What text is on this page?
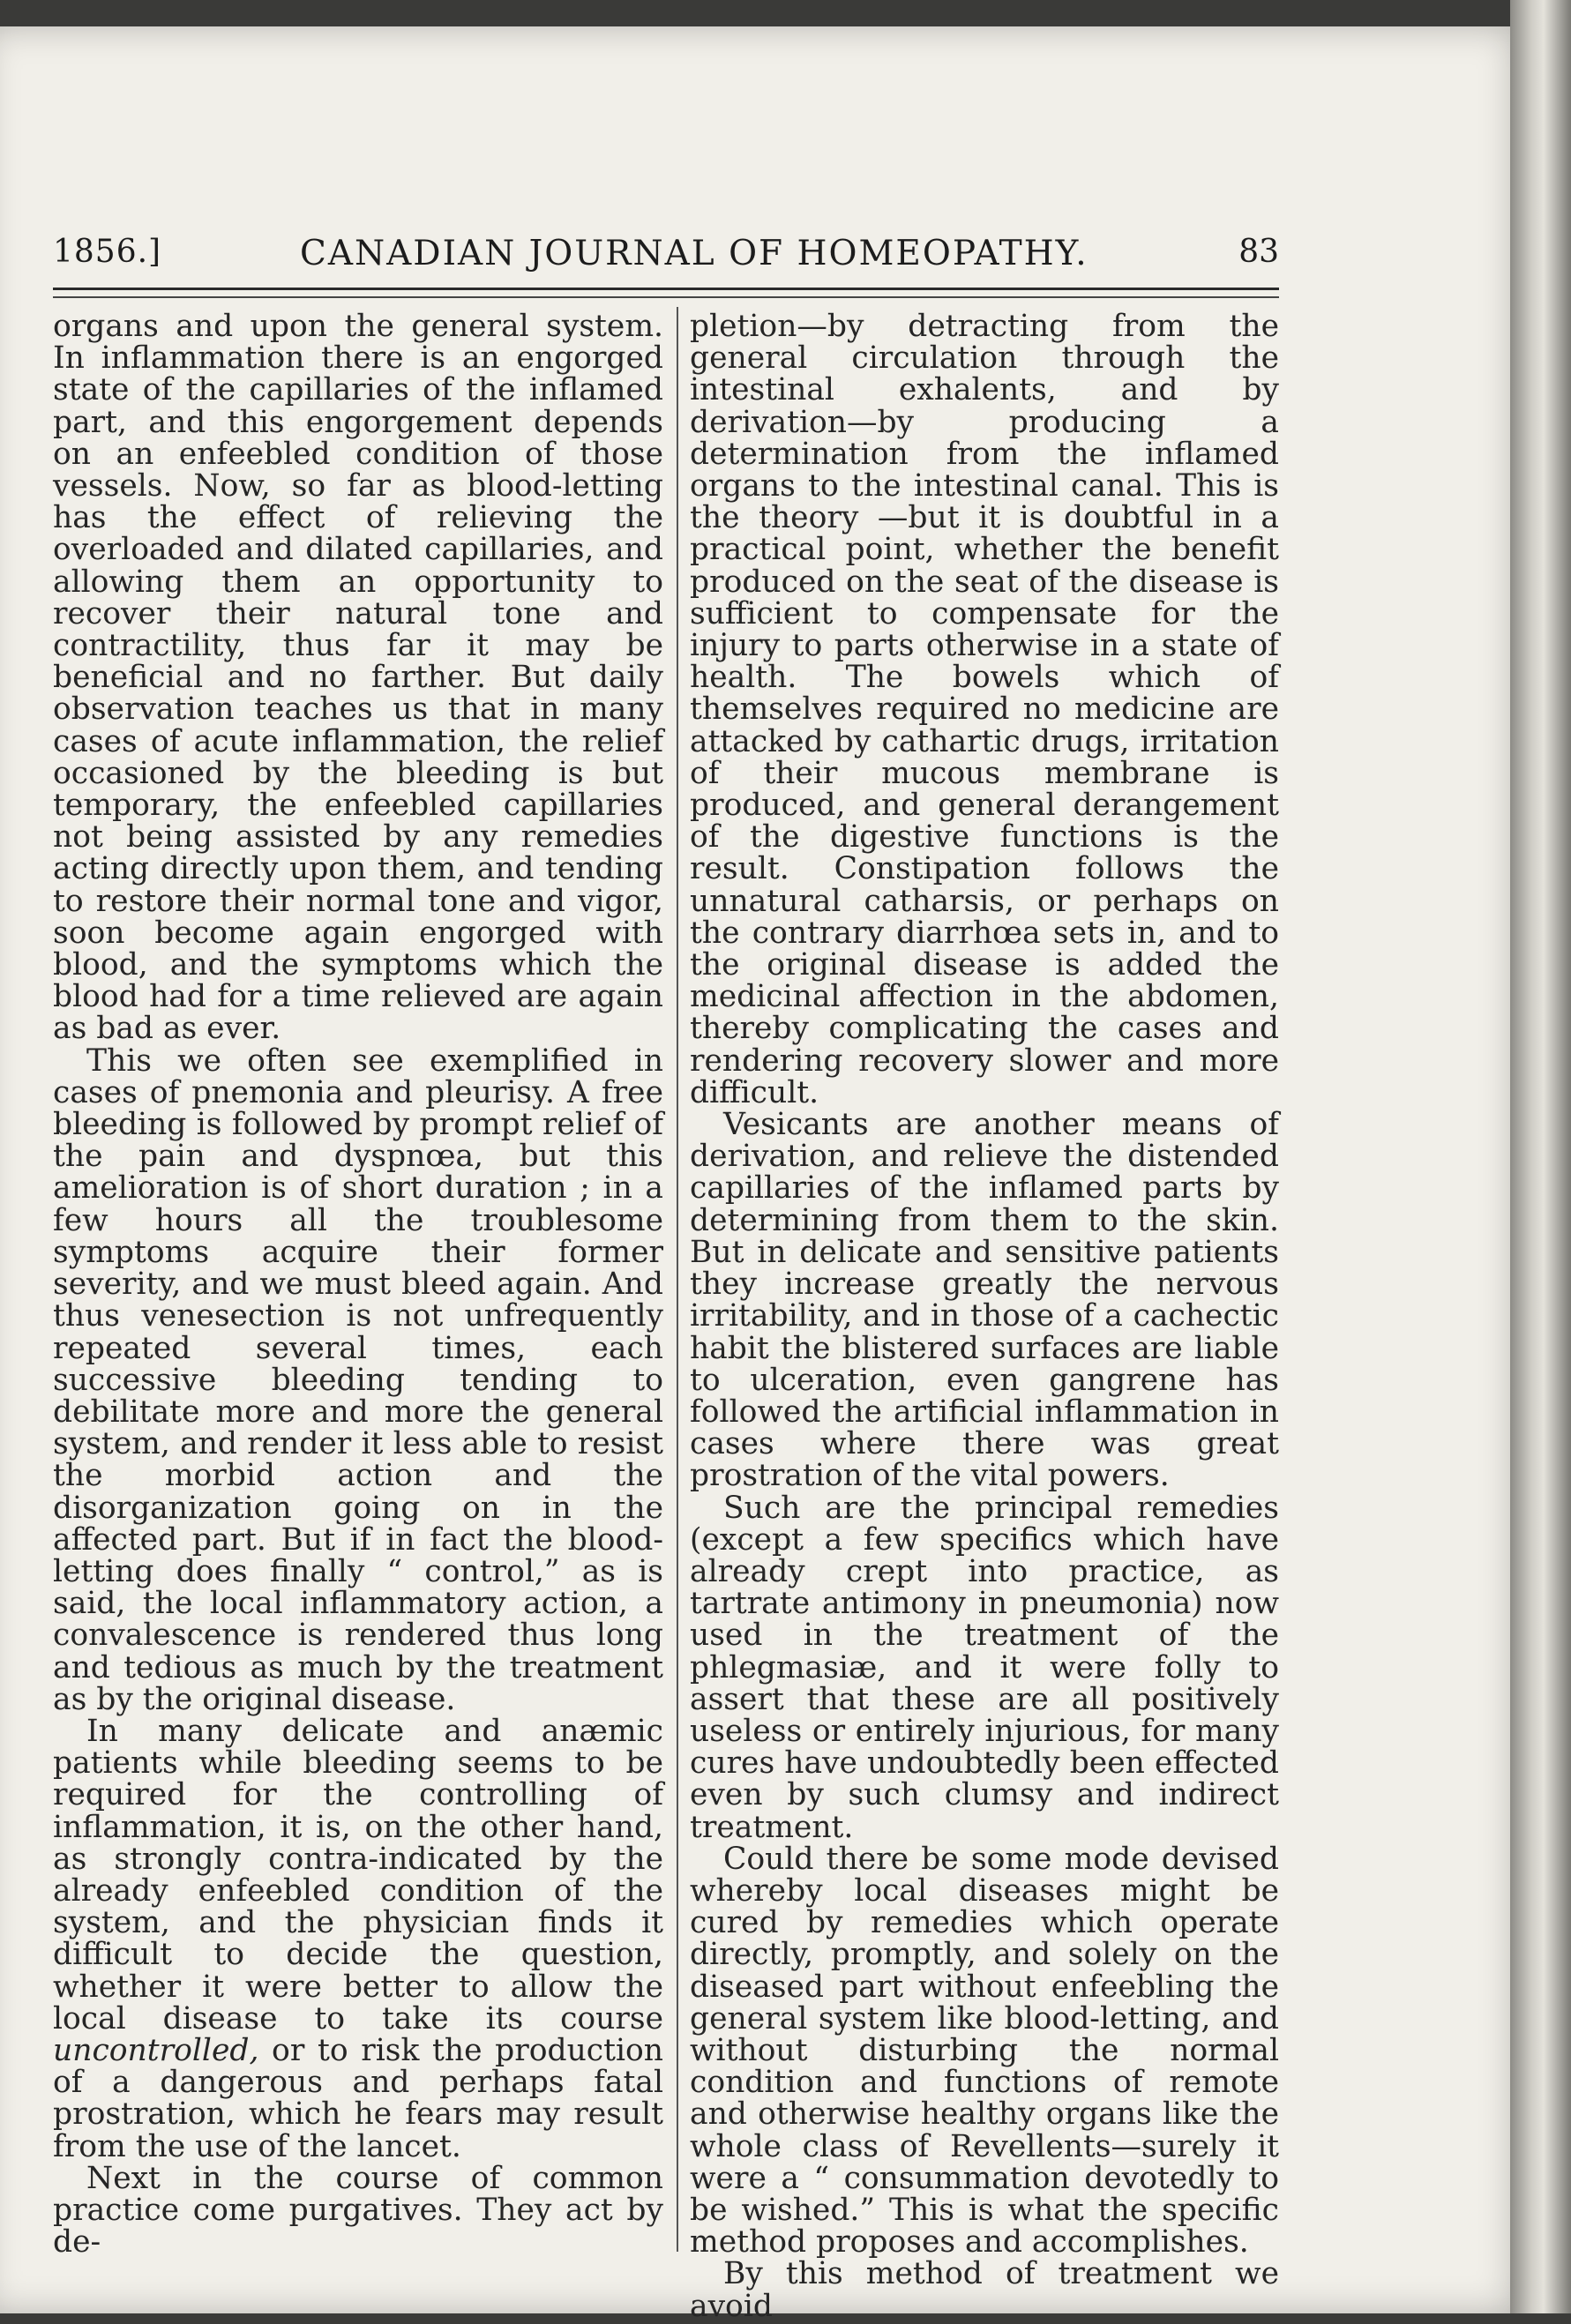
1856.]	CANADIAN JOURNAL OF HOMEOPATHY.	83

organs and upon the general system. In inflammation there is an engorged state of the capillaries of the inflamed part, and this engorgement depends on an enfeebled condition of those vessels. Now, so far as blood-letting has the effect of relieving the overloaded and dilated capillaries, and allowing them an opportunity to recover their natural tone and contractility, thus far it may be beneficial and no farther. But daily observation teaches us that in many cases of acute inflammation, the relief occasioned by the bleeding is but temporary, the enfeebled capillaries not being assisted by any remedies acting directly upon them, and tending to restore their normal tone and vigor, soon become again engorged with blood, and the symptoms which the blood had for a time relieved are again as bad as ever.

This we often see exemplified in cases of pnemonia and pleurisy. A free bleeding is followed by prompt relief of the pain and dyspnœa, but this amelioration is of short duration ; in a few hours all the troublesome symptoms acquire their former severity, and we must bleed again. And thus venesection is not unfrequently repeated several times, each successive bleeding tending to debilitate more and more the general system, and render it less able to resist the morbid action and the disorganization going on in the affected part. But if in fact the blood-letting does finally “ control,” as is said, the local inflammatory action, a convalescence is rendered thus long and tedious as much by the treatment as by the original disease.

In many delicate and anæmic patients while bleeding seems to be required for the controlling of inflammation, it is, on the other hand, as strongly contra-indicated by the already enfeebled condition of the system, and the physician finds it difficult to decide the question, whether it were better to allow the local disease to take its course uncontrolled, or to risk the production of a dangerous and perhaps fatal prostration, which he fears may result from the use of the lancet.

Next in the course of common practice come purgatives. They act by de-

pletion—by detracting from the general circulation through the intestinal exhalents, and by derivation—by producing a determination from the inflamed organs to the intestinal canal. This is the theory —but it is doubtful in a practical point, whether the benefit produced on the seat of the disease is sufficient to compensate for the injury to parts otherwise in a state of health. The bowels which of themselves required no medicine are attacked by cathartic drugs, irritation of their mucous membrane is produced, and general derangement of the digestive functions is the result. Constipation follows the unnatural catharsis, or perhaps on the contrary diarrhœa sets in, and to the original disease is added the medicinal affection in the abdomen, thereby complicating the cases and rendering recovery slower and more difficult.

Vesicants are another means of derivation, and relieve the distended capillaries of the inflamed parts by determining from them to the skin. But in delicate and sensitive patients they increase greatly the nervous irritability, and in those of a cachectic habit the blistered surfaces are liable to ulceration, even gangrene has followed the artificial inflammation in cases where there was great prostration of the vital powers.

Such are the principal remedies (except a few specifics which have already crept into practice, as tartrate antimony in pneumonia) now used in the treatment of the phlegmasiæ, and it were folly to assert that these are all positively useless or entirely injurious, for many cures have undoubtedly been effected even by such clumsy and indirect treatment.

Could there be some mode devised whereby local diseases might be cured by remedies which operate directly, promptly, and solely on the diseased part without enfeebling the general system like blood-letting, and without disturbing the normal condition and functions of remote and otherwise healthy organs like the whole class of Revellents—surely it were a “ consummation devotedly to be wished.” This is what the specific method proposes and accomplishes.

By this method of treatment we avoid
